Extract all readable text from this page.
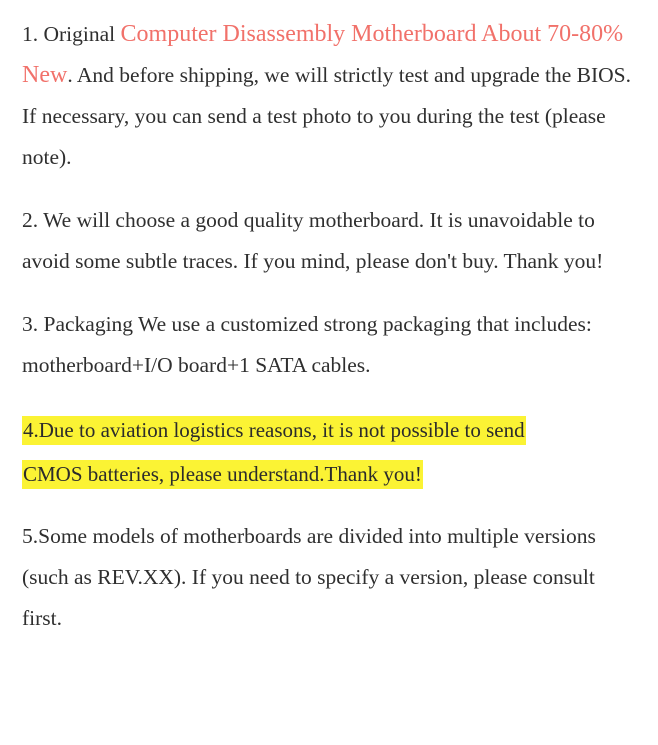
1. Original Computer Disassembly Motherboard About 70-80% New. And before shipping, we will strictly test and upgrade the BIOS. If necessary, you can send a test photo to you during the test (please note).

2. We will choose a good quality motherboard. It is unavoidable to avoid some subtle traces. If you mind, please don't buy. Thank you!

3. Packaging We use a customized strong packaging that includes: motherboard+I/O board+1 SATA cables.

4.Due to aviation logistics reasons, it is not possible to send
CMOS batteries, please understand.Thank you!

5.Some models of motherboards are divided into multiple versions (such as REV.XX). If you need to specify a version, please consult first.
